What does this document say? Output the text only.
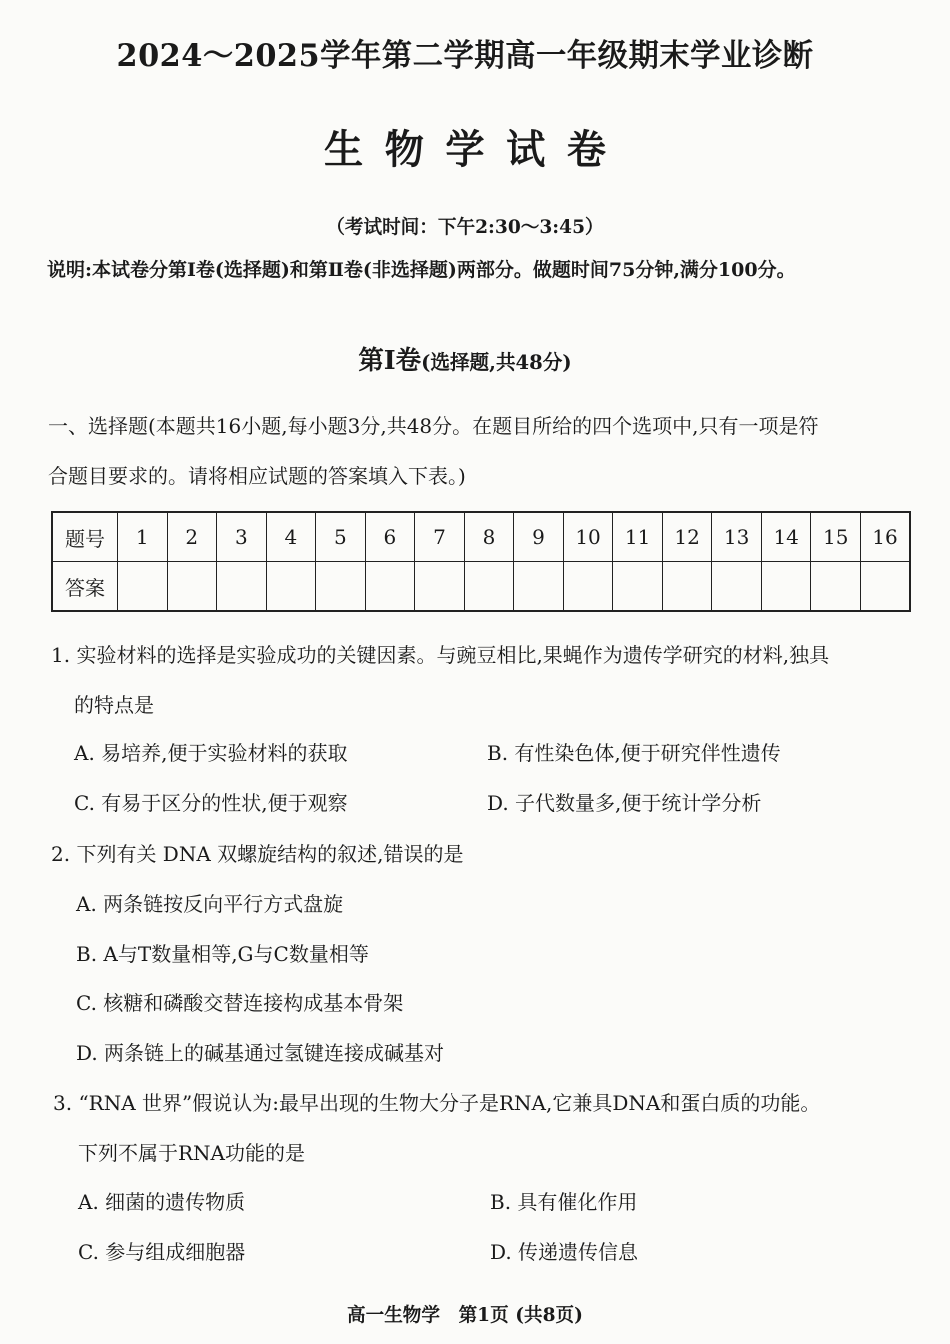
2024～2025学年第二学期高一年级期末学业诊断
生物学试卷
（考试时间：下午2:30～3:45）
说明:本试卷分第Ⅰ卷(选择题)和第Ⅱ卷(非选择题)两部分。做题时间75分钟,满分100分。
第Ⅰ卷(选择题,共48分)
一、选择题(本题共16小题,每小题3分,共48分。在题目所给的四个选项中,只有一项是符
合题目要求的。请将相应试题的答案填入下表。)
题号	1	2	3	4	5	6	7	8	9	10	11	12	13	14	15	16
答案																
1. 实验材料的选择是实验成功的关键因素。与豌豆相比,果蝇作为遗传学研究的材料,独具
的特点是
A. 易培养,便于实验材料的获取	B. 有性染色体,便于研究伴性遗传
C. 有易于区分的性状,便于观察	D. 子代数量多,便于统计学分析
2. 下列有关 DNA 双螺旋结构的叙述,错误的是
A. 两条链按反向平行方式盘旋
B. A与T数量相等,G与C数量相等
C. 核糖和磷酸交替连接构成基本骨架
D. 两条链上的碱基通过氢键连接成碱基对
3. “RNA 世界”假说认为:最早出现的生物大分子是RNA,它兼具DNA和蛋白质的功能。
下列不属于RNA功能的是
A. 细菌的遗传物质	B. 具有催化作用
C. 参与组成细胞器	D. 传递遗传信息
高一生物学　第1页 (共8页)
